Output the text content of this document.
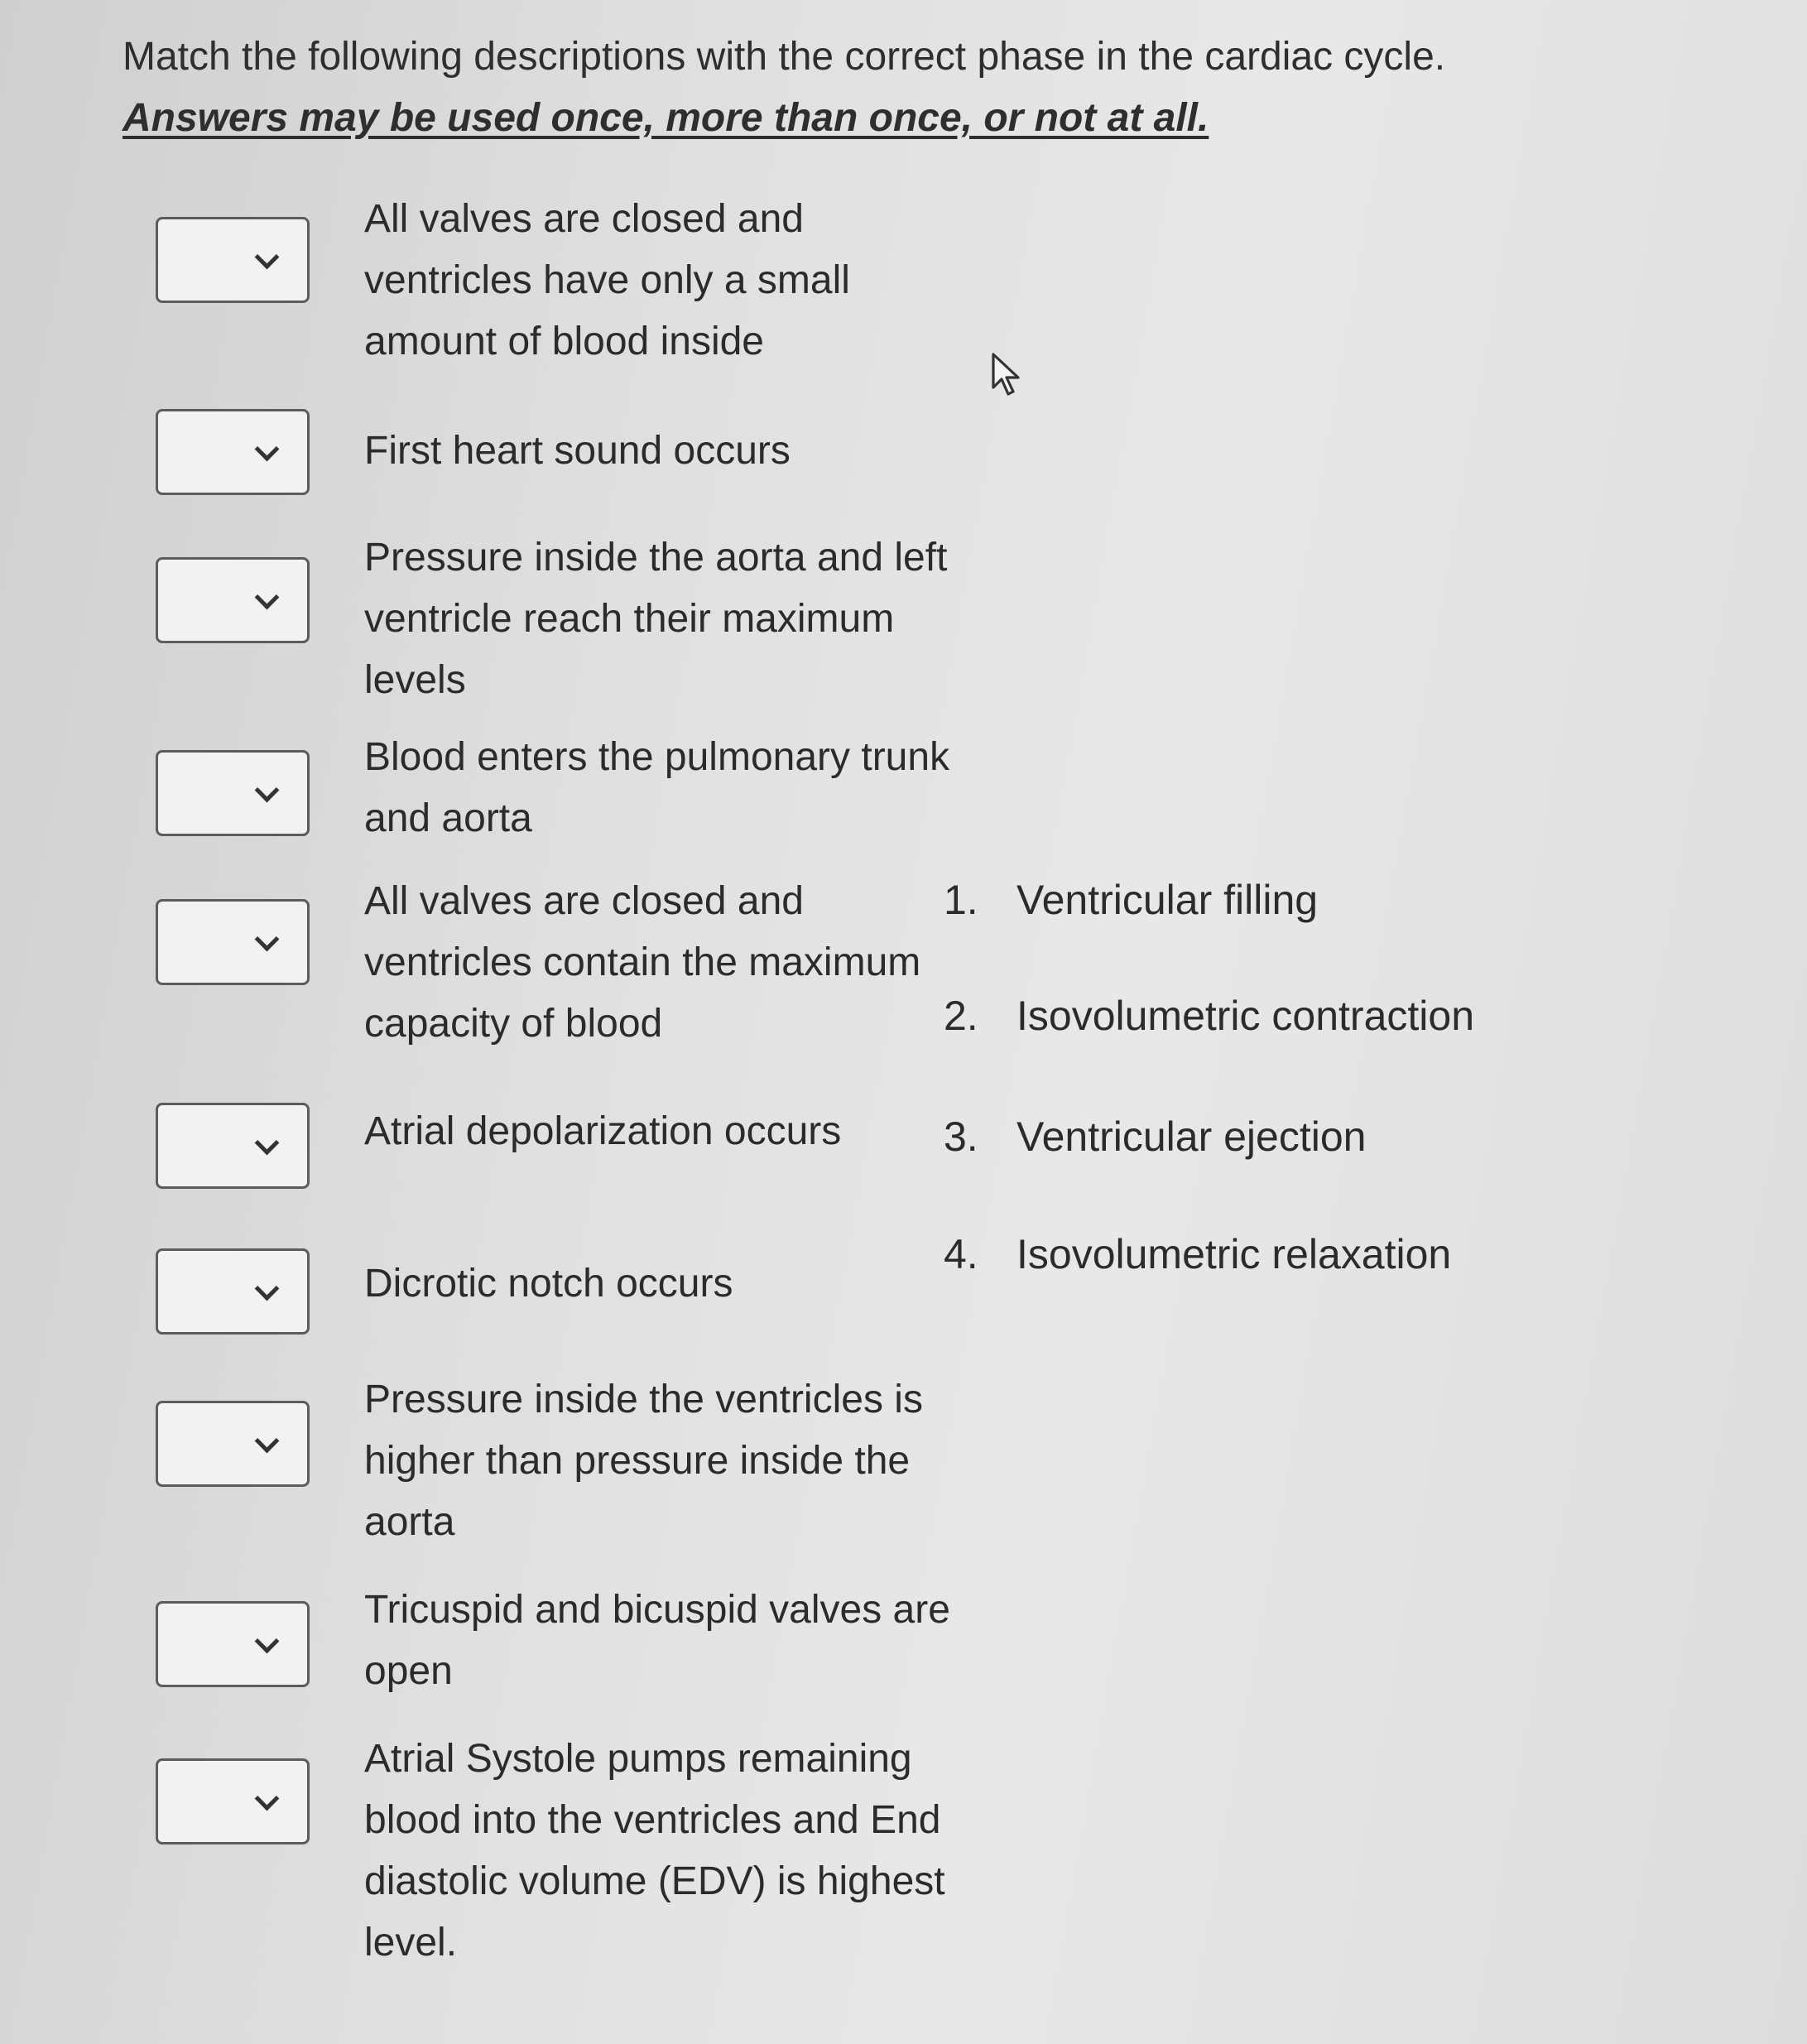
Match the following descriptions with the correct phase in the cardiac cycle. Answers may be used once, more than once, or not at all.
All valves are closed and ventricles have only a small amount of blood inside
First heart sound occurs
Pressure inside the aorta and left ventricle reach their maximum levels
Blood enters the pulmonary trunk and aorta
All valves are closed and ventricles contain the maximum capacity of blood
Atrial depolarization occurs
Dicrotic notch occurs
Pressure inside the ventricles is higher than pressure inside the aorta
Tricuspid and bicuspid valves are open
Atrial Systole pumps remaining blood into the ventricles and End diastolic volume (EDV) is highest level.
1. Ventricular filling
2. Isovolumetric contraction
3. Ventricular ejection
4. Isovolumetric relaxation
